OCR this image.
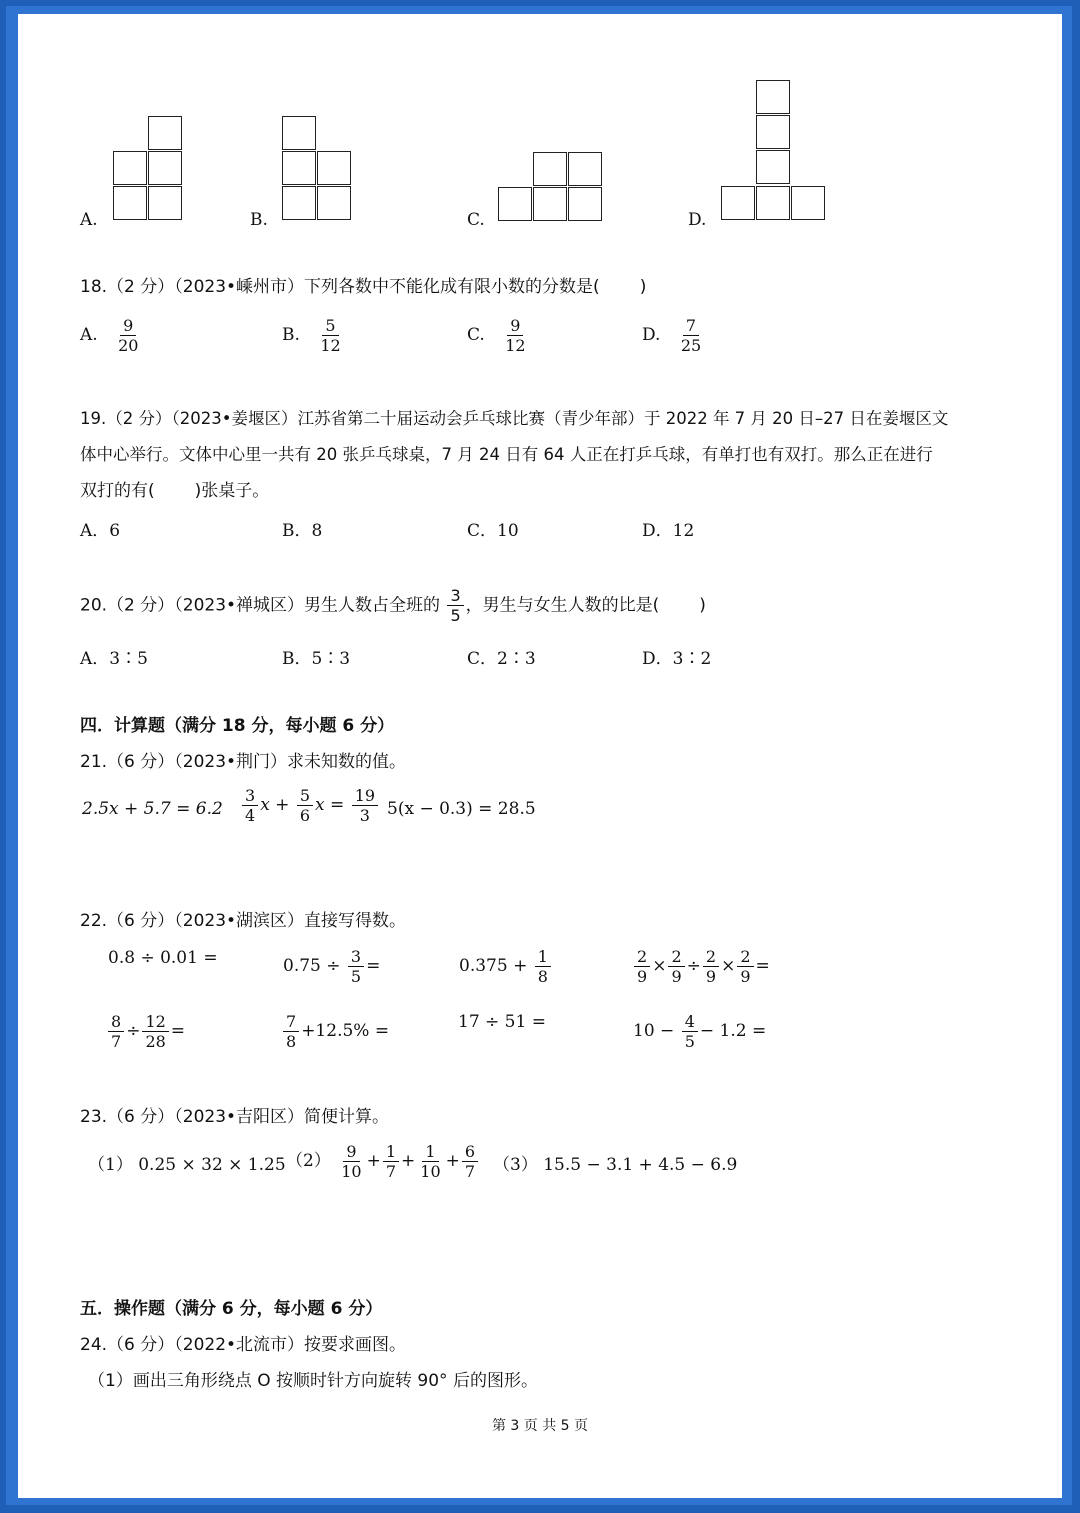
A.	B.	C.	D.
18.（2 分）（2023•嵊州市）下列各数中不能化成有限小数的分数是( )
A. $\frac{9}{20}$	B. $\frac{5}{12}$	C. $\frac{9}{12}$	D. $\frac{7}{25}$
19.（2 分）（2023•姜堰区）江苏省第二十届运动会乒乓球比赛（青少年部）于 2022 年 7 月 20 日–27 日在姜堰区文
体中心举行。文体中心里一共有 20 张乒乓球桌，7 月 24 日有 64 人正在打乒乓球，有单打也有双打。那么正在进行
双打的有( )张桌子。
A．6	B．8	C．10	D．12
20.（2 分）（2023•禅城区）男生人数占全班的 $\frac{3}{5}$ ，男生与女生人数的比是( )
A．3∶5	B．5∶3	C．2∶3	D．3∶2
四．计算题（满分 18 分，每小题 6 分）
21.（6 分）（2023•荆门）求未知数的值。
$2.5x + 5.7 = 6.2 \frac{3}{4}$ $x + \frac{5}{6}$ $x = \frac{19}{3} 5(x - 0.3) = 28.5$
22.（6 分）（2023•湖滨区）直接写得数。
0.8 ÷ 0.01 =	$0.75 \div \frac{3}{5}$ =	$0.375 + \frac{1}{8}$	$\frac{2}{9} \times \frac{2}{9} \div \frac{2}{9} \times \frac{2}{9}$ =
$\frac{8}{7} \div \frac{12}{28}$ =	$\frac{7}{8} +12.5\%$ =	17 ÷ 51 =	$10 - \frac{4}{5} - 1.2$ =
23.（6 分）（2023•吉阳区）简便计算。
（1） 0.25 × 32 × 1.25 $(2) \frac{9}{10} + \frac{1}{7} + \frac{1}{10} + \frac{6}{7} (3) 15.5 - 3.1 + 4.5 - 6.9$
五．操作题（满分 6 分，每小题 6 分）
24.（6 分）（2022•北流市）按要求画图。
（1）画出三角形绕点 O 按顺时针方向旋转 90° 后的图形。
第 3 页 共 5 页
